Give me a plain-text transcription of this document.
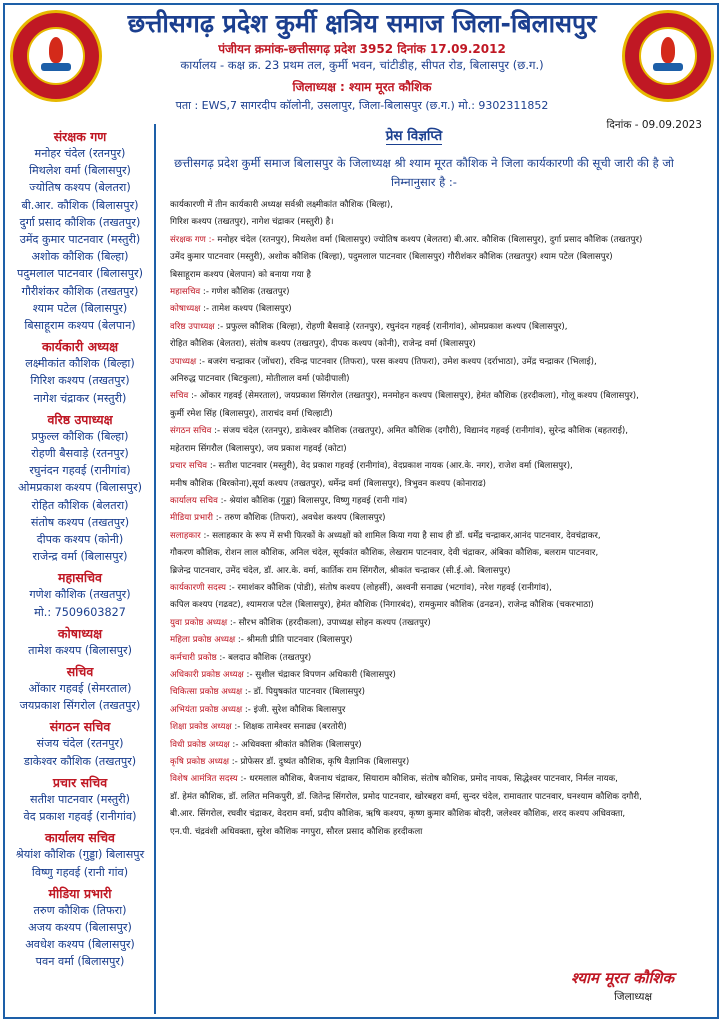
छत्तीसगढ़ प्रदेश कुर्मी क्षत्रिय समाज जिला-बिलासपुर
पंजीयन क्रमांक-छत्तीसगढ़ प्रदेश 3952 दिनांक 17.09.2012
कार्यालय - कक्ष क्र. 23 प्रथम तल, कुर्मी भवन, चांटीडीह, सीपत रोड, बिलासपुर (छ.ग.)
जिलाध्यक्ष : श्याम मूरत कौशिक
पता : EWS,7 सागरदीप कॉलोनी, उसलापुर, जिला-बिलासपुर (छ.ग.) मो.: 9302311852
संरक्षक गण
मनोहर चंदेल (रतनपुर)
मिथलेश वर्मा (बिलासपुर)
ज्योतिष कश्यप (बेलतरा)
बी.आर. कौशिक (बिलासपुर)
दुर्गा प्रसाद कौशिक (तखतपुर)
उमेंद कुमार पाटनवार (मस्तुरी)
अशोक कौशिक (बिल्हा)
पदुमलाल पाटनवार (बिलासपुर)
गौरीशंकर कौशिक (तखतपुर)
श्याम पटेल (बिलासपुर)
बिसाहूराम कश्यप (बेलपान)
कार्यकारी अध्यक्ष
लक्ष्मीकांत कौशिक (बिल्हा)
गिरिश कश्यप (तखतपुर)
नागेश चंद्राकर (मस्तुरी)
वरिष्ठ उपाध्यक्ष
प्रफुल्ल कौशिक (बिल्हा)
रोहणी बैसवाड़े (रतनपुर)
रघुनंदन गहवई (रानीगांव)
ओमप्रकाश कश्यप (बिलासपुर)
रोहित कौशिक (बेलतरा)
संतोष कश्यप (तखतपुर)
दीपक कश्यप (कोनी)
राजेन्द्र वर्मा (बिलासपुर)
महासचिव
गणेश कौशिक (तखतपुर)
मो.: 7509603827
कोषाध्यक्ष
तामेश कश्यप (बिलासपुर)
सचिव
ओंकार गहवई (सेमरताल)
जयप्रकाश सिंगरोल (तखतपुर)
संगठन सचिव
संजय चंदेल (रतनपुर)
डाकेश्वर कौशिक (तखतपुर)
प्रचार सचिव
सतीश पाटनवार (मस्तुरी)
वेद प्रकाश गहवई (रानीगांव)
कार्यालय सचिव
श्रेयांश कौशिक (गुड्डा) बिलासपुर
विष्णु गहवई (रानी गांव)
मीडिया प्रभारी
तरुण कौशिक (तिफरा)
अजय कश्यप (बिलासपुर)
अवधेश कश्यप (बिलासपुर)
पवन वर्मा (बिलासपुर)
दिनांक - 09.09.2023
प्रेस विज्ञप्ति
छत्तीसगढ़ प्रदेश कुर्मी समाज बिलासपुर के जिलाध्यक्ष श्री श्याम मूरत कौशिक ने जिला कार्यकारणी की सूची जारी की है जो निम्नानुसार है :-
कार्यकारणी में तीन कार्यकारी अध्यक्ष सर्वश्री लक्ष्मीकांत कौशिक (बिल्हा),
गिरिश कश्यप (तखतपुर), नागेश चंद्राकर (मस्तुरी) है।
संरक्षक गण :- मनोहर चंदेल (रतनपुर), मिथलेश वर्मा (बिलासपुर) ज्योतिष कश्यप (बेलतरा) बी.आर. कौशिक (बिलासपुर), दुर्गा प्रसाद कौशिक (तखतपुर)
उमेंद कुमार पाटनवार (मस्तुरी), अशोक कौशिक (बिल्हा), पदुमलाल पाटनवार (बिलासपुर) गौरीशंकर कौशिक (तखतपुर) श्याम पटेल (बिलासपुर)
बिसाहूराम कश्यप (बेलपान) को बनाया गया है
महासचिव :- गणेश कौशिक (तखतपुर)
कोषाध्यक्ष :- तामेश कश्यप (बिलासपुर)
वरिष्ठ उपाध्यक्ष :- प्रफुल्ल कौशिक (बिल्हा), रोहणी बैसवाड़े (रतनपुर), रघुनंदन गहवई (रानीगांव), ओमप्रकाश कश्यप (बिलासपुर),
रोहित कौशिक (बेलतरा), संतोष कश्यप (तखतपुर), दीपक कश्यप (कोनी), राजेन्द्र वर्मा (बिलासपुर)
उपाध्यक्ष :- बजरंग चन्द्राकर (जोंधरा), रविन्द्र पाटनवार (तिफरा), परस कश्यप (तिफरा), उमेश कश्यप (दर्राभाठा), उमेंद्र चन्द्राकर (भिलाई),
अनिरुद्ध पाटनवार (बिटकुला), मोतीलाल वर्मा (फोदीपाली)
सचिव :- ओंकार गहवई (सेमरताल), जयप्रकाश सिंगरोल (तखतपुर), मनमोहन कश्यप (बिलासपुर), हेमंत कौशिक (हरदीकला), गोलू कश्यप (बिलासपुर),
कुर्मी रमेश सिंह (बिलासपुर), ताराचंद वर्मा (चिल्हाटी)
संगठन सचिव :- संजय चंदेल (रतनपुर), डाकेश्वर कौशिक (तखतपुर), अमित कौशिक (दगौरी), विद्यानंद गहवई (रानीगांव), सुरेन्द्र कौशिक (बहतराई),
महेतराम सिंगरौल (बिलासपुर), जय प्रकाश गहवई (कोटा)
प्रचार सचिव :- सतीश पाटनवार (मस्तुरी), वेद प्रकाश गहवई (रानीगांव), वेदप्रकाश नायक (आर.के. नगर), राजेश वर्मा (बिलासपुर),
मनीष कौशिक (बिरकोना),सूर्या कश्यप (तखतपुर), धर्मेन्द्र वर्मा (बिलासपुर), त्रिभुवन कश्यप (कोनाराढ)
कार्यालय सचिव :- श्रेयांश कौशिक (गुड्डा) बिलासपुर, विष्णु गहवई (रानी गांव)
मीडिया प्रभारी :- तरुण कौशिक (तिफरा), अवधेश कश्यप (बिलासपुर)
सलाहकार :- सलाहकार के रूप में सभी फिरकों के अध्यक्षों को शामिल किया गया है साथ ही डॉ. धर्मेंद्र चन्द्राकर,आनंद पाटनवार, देवचंद्राकर,
गौकरण कौशिक, रोशन लाल कौशिक, अनिल चंदेल, सूर्यकांत कौशिक, लेखराम पाटनवार, देवी चंद्राकर, अंबिका कौशिक, बलराम पाटनवार,
ब्रिजेन्द्र पाटनवार, उमेंद चंदेल, डॉ. आर.के. वर्मा, कार्तिक राम सिंगरौल, श्रीकांत चन्द्राकर (सी.ई.ओ. बिलासपुर)
कार्यकारणी सदस्य :- रमाशंकर कौशिक (पोडी), संतोष कश्यप (लोहर्सी), अश्वनी सनाढ्य (भटगांव), नरेश गहवई (रानीगांव),
कपिल कश्यप (गढवट), श्यामराज पटेल (बिलासपुर), हेमंत कौशिक (निगारबंद), रामकुमार कौशिक (ढनढन), राजेन्द्र कौशिक (चकरभाठा)
युवा प्रकोष्ठ अध्यक्ष :- सौरभ कौशिक (हरदीकला), उपाध्यक्ष सोहन कश्यप (तखतपुर)
महिला प्रकोष्ठ अध्यक्ष :- श्रीमती प्रीति पाटनवार (बिलासपुर)
कर्मचारी प्रकोष्ठ :- बलदाउ कौशिक (तखतपुर)
अधिकारी प्रकोष्ठ अध्यक्ष :- सुशील चंद्राकर विपणन अधिकारी (बिलासपुर)
चिकित्सा प्रकोष्ठ अध्यक्ष :- डॉ. पियुषकांत पाटनवार (बिलासपुर)
अभियंता प्रकोष्ठ अध्यक्ष :- इंजी. सुरेश कौशिक बिलासपुर
शिक्षा प्रकोष्ठ अध्यक्ष :- शिक्षक तामेश्वर सनाढ्य (बरतोरी)
विधी प्रकोष्ठ अध्यक्ष :- अधिवक्ता श्रीकांत कौशिक (बिलासपुर)
कृषि प्रकोष्ठ अध्यक्ष :- प्रोफेसर डॉ. दुष्यंत कौशिक, कृषि वैज्ञानिक (बिलासपुर)
विशेष आमंत्रित सदस्य :- धरमलाल कौशिक, बैजनाथ चंद्राकर, सियाराम कौशिक, संतोष कौशिक, प्रमोद नायक, सिद्धेश्वर पाटनवार, निर्मल नायक,
डॉ. हेमंत कौशिक, डॉ. ललित मनिकपुरी, डॉ. जितेन्द्र सिंगरोल, प्रमोद पाटनवार, खोरबहरा वर्मा, सुन्दर चंदेल, रामावतार पाटनवार, घनश्याम कौशिक दगौरी,
बी.आर. सिंगरोल, रघवीर चंद्राकर, वेदराम वर्मा, प्रदीप कौशिक, ऋषि कश्यप, कृष्ण कुमार कौशिक बोदरी, जलेश्वर कौशिक, शरद कश्यप अधिवक्ता,
एन.पी. चंद्रवंशी अधिवक्ता, सुरेश कौशिक नगपुरा, सौरल प्रसाद कौशिक हरदीकला
श्याम मूरत कौशिक
जिलाध्यक्ष
